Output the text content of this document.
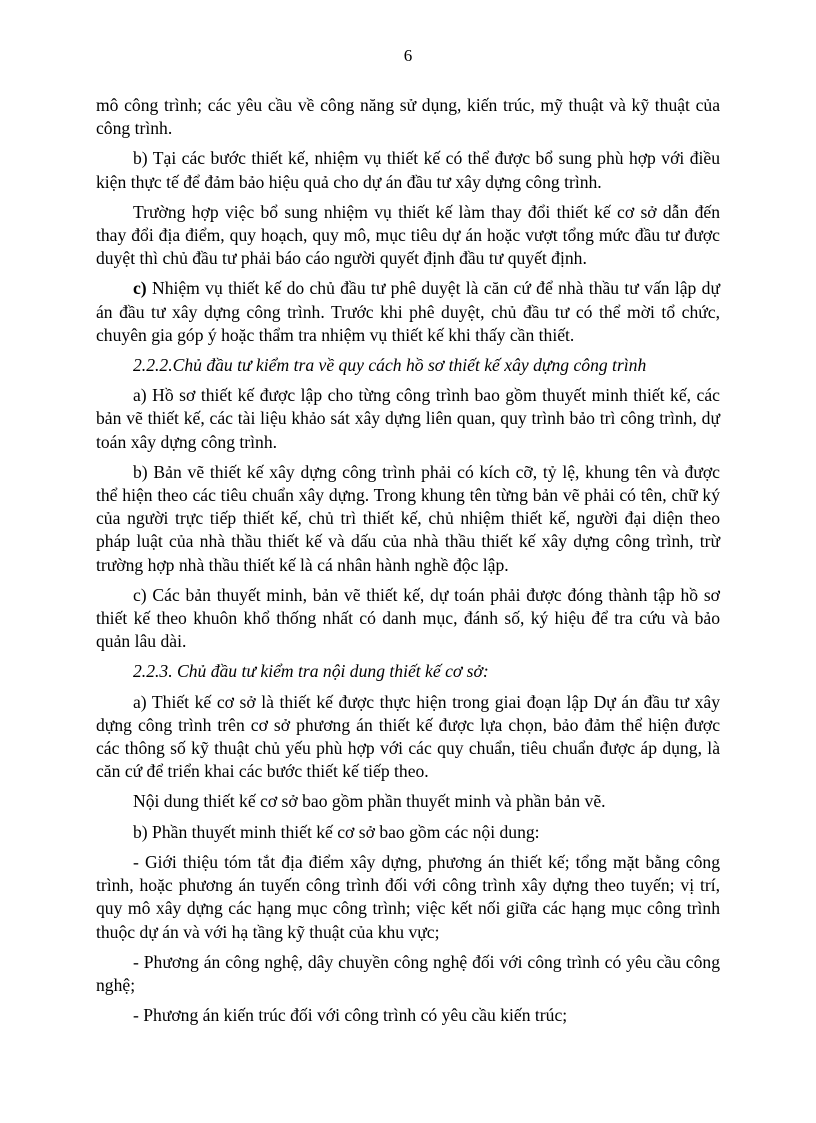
6

mô công trình; các yêu cầu về công năng sử dụng, kiến trúc, mỹ thuật và kỹ thuật của công trình.

b) Tại các bước thiết kế, nhiệm vụ thiết kế có thể được bổ sung phù hợp với điều kiện thực tế để đảm bảo hiệu quả cho dự án đầu tư xây dựng công trình.

Trường hợp việc bổ sung nhiệm vụ thiết kế làm thay đổi thiết kế cơ sở dẫn đến thay đổi địa điểm, quy hoạch, quy mô, mục tiêu dự án hoặc vượt tổng mức đầu tư được duyệt thì chủ đầu tư phải báo cáo người quyết định đầu tư quyết định.

c) Nhiệm vụ thiết kế do chủ đầu tư phê duyệt là căn cứ để nhà thầu tư vấn lập dự án đầu tư xây dựng công trình. Trước khi phê duyệt, chủ đầu tư có thể mời tổ chức, chuyên gia góp ý hoặc thẩm tra nhiệm vụ thiết kế khi thấy cần thiết.

2.2.2.Chủ đầu tư kiểm tra về quy cách hồ sơ thiết kế xây dựng công trình

a) Hồ sơ thiết kế được lập cho từng công trình bao gồm thuyết minh thiết kế, các bản vẽ thiết kế, các tài liệu khảo sát xây dựng liên quan, quy trình bảo trì công trình, dự toán xây dựng công trình.

b) Bản vẽ thiết kế xây dựng công trình phải có kích cỡ, tỷ lệ, khung tên và được thể hiện theo các tiêu chuẩn xây dựng. Trong khung tên từng bản vẽ phải có tên, chữ ký của người trực tiếp thiết kế, chủ trì thiết kế, chủ nhiệm thiết kế, người đại diện theo pháp luật của nhà thầu thiết kế và dấu của nhà thầu thiết kế xây dựng công trình, trừ trường hợp nhà thầu thiết kế là cá nhân hành nghề độc lập.

c) Các bản thuyết minh, bản vẽ thiết kế, dự toán phải được đóng thành tập hồ sơ thiết kế theo khuôn khổ thống nhất có danh mục, đánh số, ký hiệu để tra cứu và bảo quản lâu dài.

2.2.3. Chủ đầu tư kiểm tra nội dung thiết kế cơ sở:

a) Thiết kế cơ sở là thiết kế được thực hiện trong giai đoạn lập Dự án đầu tư xây dựng công trình trên cơ sở phương án thiết kế được lựa chọn, bảo đảm thể hiện được các thông số kỹ thuật chủ yếu phù hợp với các quy chuẩn, tiêu chuẩn được áp dụng, là căn cứ để triển khai các bước thiết kế tiếp theo.

Nội dung thiết kế cơ sở bao gồm phần thuyết minh và phần bản vẽ.

b) Phần thuyết minh thiết kế cơ sở bao gồm các nội dung:

- Giới thiệu tóm tắt địa điểm xây dựng, phương án thiết kế; tổng mặt bằng công trình, hoặc phương án tuyến công trình đối với công trình xây dựng theo tuyến; vị trí, quy mô xây dựng các hạng mục công trình; việc kết nối giữa các hạng mục công trình thuộc dự án và với hạ tầng kỹ thuật của khu vực;

- Phương án công nghệ, dây chuyền công nghệ đối với công trình có yêu cầu công nghệ;

- Phương án kiến trúc đối với công trình có yêu cầu kiến trúc;
